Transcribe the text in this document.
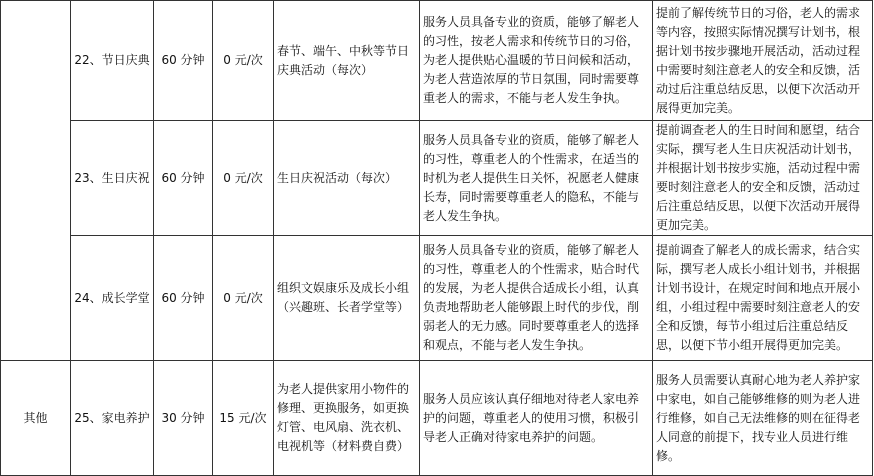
	22、节日庆典	60 分钟	0 元/次	春节、端午、中秋等节日庆典活动（每次）	服务人员具备专业的资质，能够了解老人的习性，按老人需求和传统节日的习俗，为老人提供贴心温暖的节日问候和活动，为老人营造浓厚的节日氛围，同时需要尊重老人的需求，不能与老人发生争执。	提前了解传统节日的习俗，老人的需求等内容，按照实际情况撰写计划书，根据计划书按步骤地开展活动，活动过程中需要时刻注意老人的安全和反馈，活动过后注重总结反思，以便下次活动开展得更加完美。
	23、生日庆祝	60 分钟	0 元/次	生日庆祝活动（每次）	服务人员具备专业的资质，能够了解老人的习性，尊重老人的个性需求，在适当的时机为老人提供生日关怀，祝愿老人健康长寿，同时需要尊重老人的隐私，不能与老人发生争执。	提前调查老人的生日时间和愿望，结合实际，撰写老人生日庆祝活动计划书，并根据计划书按步实施，活动过程中需要时刻注意老人的安全和反馈，活动过后注重总结反思，以便下次活动开展得更加完美。
	24、成长学堂	60 分钟	0 元/次	组织文娱康乐及成长小组（兴趣班、长者学堂等）	服务人员具备专业的资质，能够了解老人的习性，尊重老人的个性需求，贴合时代的发展，为老人提供合适成长小组，认真负责地帮助老人能够跟上时代的步伐，削弱老人的无力感。同时要尊重老人的选择和观点，不能与老人发生争执。	提前调查了解老人的成长需求，结合实际，撰写老人成长小组计划书，并根据计划书设计，在规定时间和地点开展小组，小组过程中需要时刻注意老人的安全和反馈，每节小组过后注重总结反思，以便下节小组开展得更加完美。
其他	25、家电养护	30 分钟	15 元/次	为老人提供家用小物件的修理、更换服务，如更换灯管、电风扇、洗衣机、电视机等（材料费自费）	服务人员应该认真仔细地对待老人家电养护的问题，尊重老人的使用习惯，积极引导老人正确对待家电养护的问题。	服务人员需要认真耐心地为老人养护家中家电，如自己能够维修的则为老人进行维修，如自己无法维修的则在征得老人同意的前提下，找专业人员进行维修。
